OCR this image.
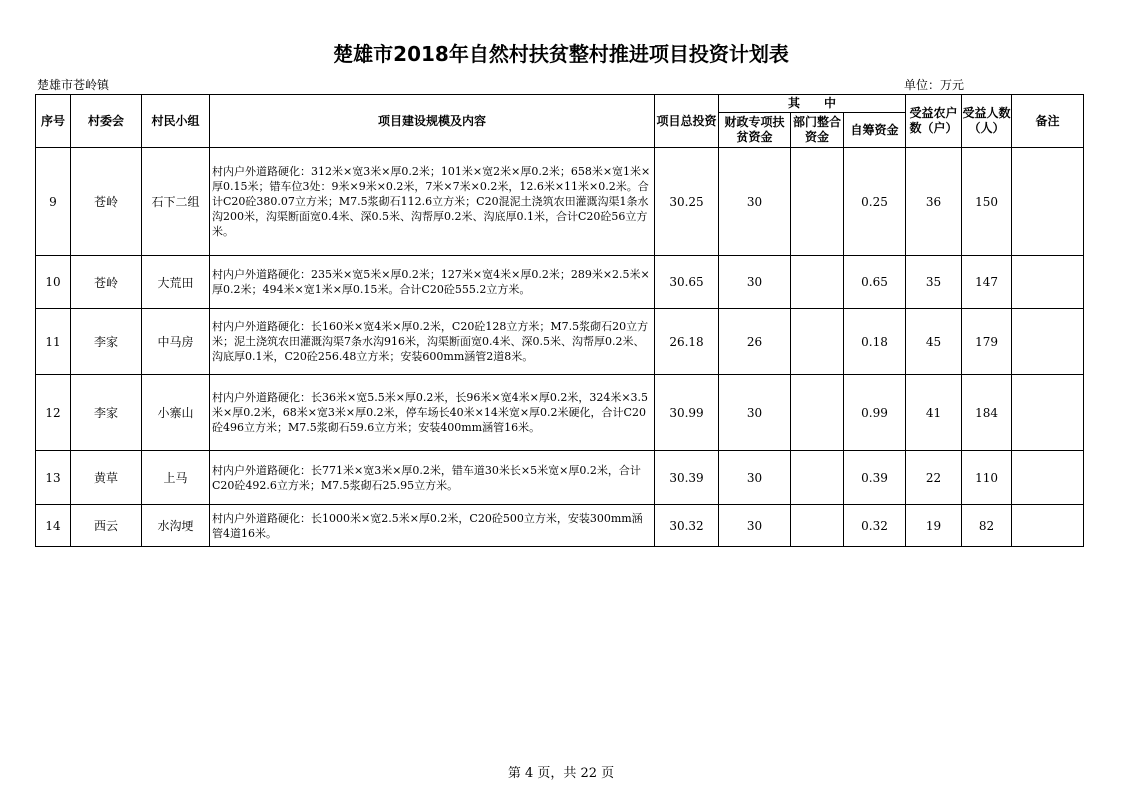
楚雄市2018年自然村扶贫整村推进项目投资计划表
楚雄市苍岭镇	单位：万元
序号	村委会	村民小组	项目建设规模及内容	项目总投资	其　　中			受益农户数（户）	受益人数（人）	备注
					财政专项扶贫资金	部门整合资金	自筹资金			
9	苍岭	石下二组	村内户外道路硬化：312米×宽3米×厚0.2米；101米×宽2米×厚0.2米；658米×宽1米×厚0.15米；错车位3处：9米×9米×0.2米，7米×7米×0.2米，12.6米×11米×0.2米。合计C20砼380.07立方米；M7.5浆砌石112.6立方米；C20混泥土浇筑农田灌溉沟渠1条水沟200米，沟渠断面宽0.4米、深0.5米、沟帮厚0.2米、沟底厚0.1米，合计C20砼56立方米。	30.25	30		0.25	36	150	
10	苍岭	大荒田	村内户外道路硬化：235米×宽5米×厚0.2米；127米×宽4米×厚0.2米；289米×2.5米×厚0.2米；494米×宽1米×厚0.15米。合计C20砼555.2立方米。	30.65	30		0.65	35	147	
11	李家	中马房	村内户外道路硬化：长160米×宽4米×厚0.2米，C20砼128立方米；M7.5浆砌石20立方米；泥土浇筑农田灌溉沟渠7条水沟916米，沟渠断面宽0.4米、深0.5米、沟帮厚0.2米、沟底厚0.1米，C20砼256.48立方米；安装600mm涵管2道8米。	26.18	26		0.18	45	179	
12	李家	小寨山	村内户外道路硬化：长36米×宽5.5米×厚0.2米，长96米×宽4米×厚0.2米，324米×3.5米×厚0.2米，68米×宽3米×厚0.2米，停车场长40米×14米宽×厚0.2米硬化，合计C20砼496立方米；M7.5浆砌石59.6立方米；安装400mm涵管16米。	30.99	30		0.99	41	184	
13	黄草	上马	村内户外道路硬化：长771米×宽3米×厚0.2米，错车道30米长×5米宽×厚0.2米，合计C20砼492.6立方米；M7.5浆砌石25.95立方米。	30.39	30		0.39	22	110	
14	西云	水沟埂	村内户外道路硬化：长1000米×宽2.5米×厚0.2米，C20砼500立方米，安装300mm涵管4道16米。	30.32	30		0.32	19	82	
第 4 页，共 22 页
